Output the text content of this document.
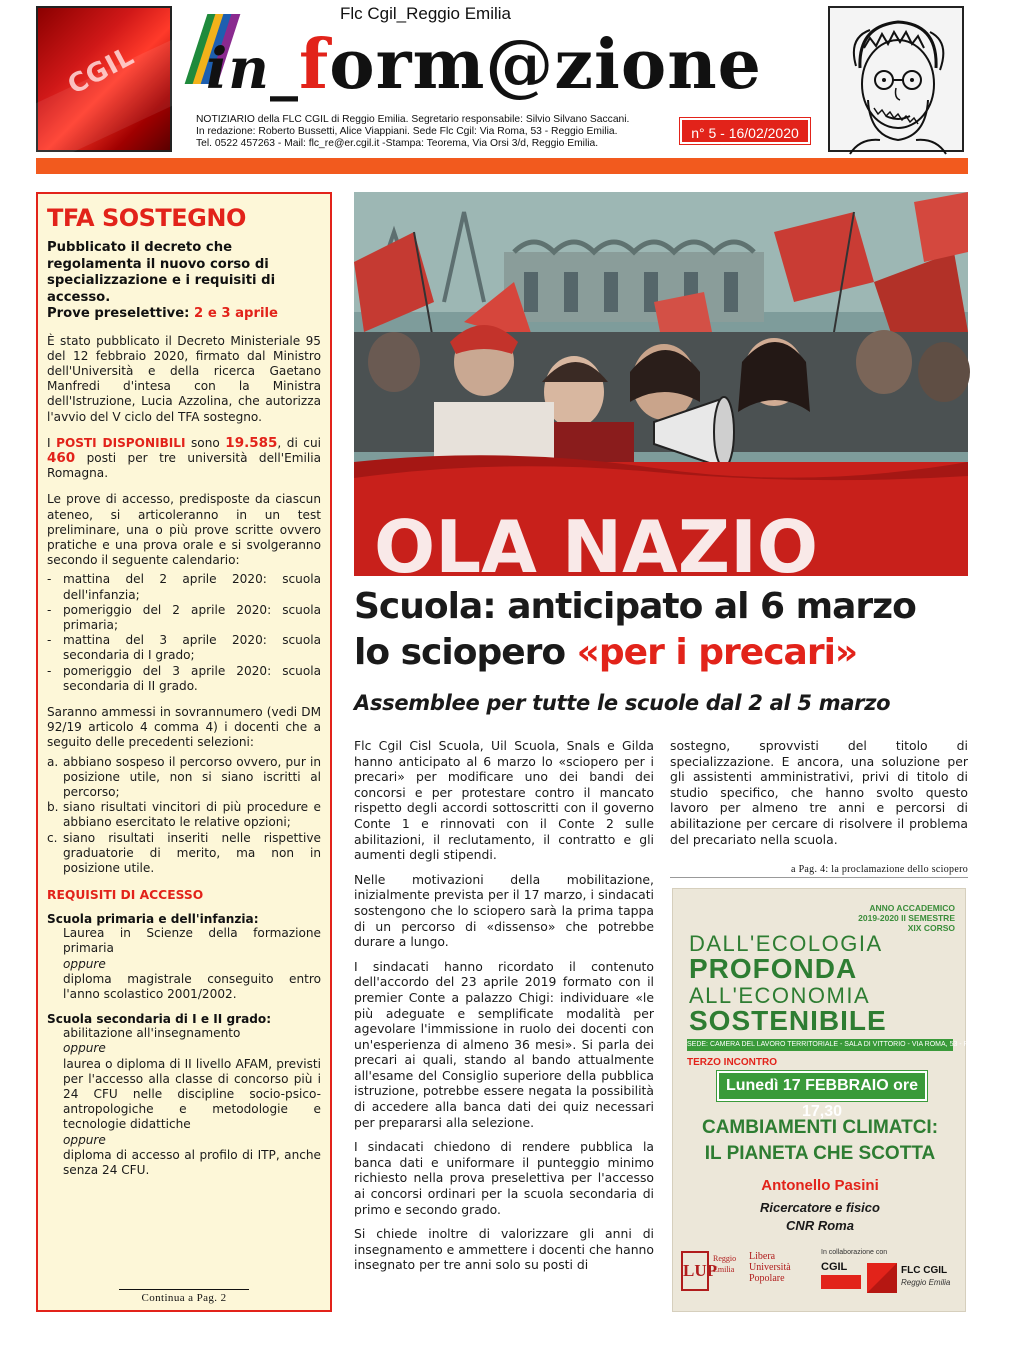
CGIL
Flc Cgil_Reggio Emilia
in_form@zione
NOTIZIARIO della FLC CGIL di Reggio Emilia. Segretario responsabile: Silvio Silvano Saccani.
In redazione: Roberto Bussetti, Alice Viappiani. Sede Flc Cgil: Via Roma, 53 - Reggio Emilia.
Tel. 0522 457263 - Mail: flc_re@er.cgil.it -Stampa: Teorema, Via Orsi 3/d, Reggio Emilia.
n° 5 - 16/02/2020
TFA SOSTEGNO
Pubblicato il decreto che regolamenta il nuovo corso di specializzazione e i requisiti di accesso.
Prove preselettive: 2 e 3 aprile

È stato pubblicato il Decreto Ministeriale 95 del 12 febbraio 2020, firmato dal Ministro dell'Università e della ricerca Gaetano Manfredi d'intesa con la Ministra dell'Istruzione, Lucia Azzolina, che autorizza l'avvio del V ciclo del TFA sostegno.

I POSTI DISPONIBILI sono 19.585, di cui 460 posti per tre università dell'Emilia Romagna.

Le prove di accesso, predisposte da ciascun ateneo, si articoleranno in un test preliminare, una o più prove scritte ovvero pratiche e una prova orale e si svolgeranno secondo il seguente calendario:

- mattina del 2 aprile 2020: scuola dell'infanzia;
- pomeriggio del 2 aprile 2020: scuola primaria;
- mattina del 3 aprile 2020: scuola secondaria di I grado;
- pomeriggio del 3 aprile 2020: scuola secondaria di II grado.

Saranno ammessi in sovrannumero (vedi DM 92/19 articolo 4 comma 4) i docenti che a seguito delle precedenti selezioni:

a. abbiano sospeso il percorso ovvero, pur in posizione utile, non si siano iscritti al percorso;
b. siano risultati vincitori di più procedure e abbiano esercitato le relative opzioni;
c. siano risultati inseriti nelle rispettive graduatorie di merito, ma non in posizione utile.
REQUISITI DI ACCESSO
Scuola primaria e dell'infanzia:
Laurea in Scienze della formazione primaria
oppure
diploma magistrale conseguito entro l'anno scolastico 2001/2002.
Scuola secondaria di I e II grado:
abilitazione all'insegnamento
oppure
laurea o diploma di II livello AFAM, previsti per l'accesso alla classe di concorso più i 24 CFU nelle discipline socio-psico-antropologiche e metodologie e tecnologie didattiche
oppure
diploma di accesso al profilo di ITP, anche senza 24 CFU.
Continua a Pag. 2
OLA NAZIO
Scuola: anticipato al 6 marzo
lo sciopero «per i precari»
Assemblee per tutte le scuole dal 2 al 5 marzo

Flc Cgil Cisl Scuola, Uil Scuola, Snals e Gilda hanno anticipato al 6 marzo lo «sciopero per i precari» per modificare uno dei bandi dei concorsi e per protestare contro il mancato rispetto degli accordi sottoscritti con il governo Conte 1 e rinnovati con il Conte 2 sulle abilitazioni, il reclutamento, il contratto e gli aumenti degli stipendi.

Nelle motivazioni della mobilitazione, inizialmente prevista per il 17 marzo, i sindacati sostengono che lo sciopero sarà la prima tappa di un percorso di «dissenso» che potrebbe durare a lungo.

I sindacati hanno ricordato il contenuto dell'accordo del 23 aprile 2019 formato con il premier Conte a palazzo Chigi: individuare «le più adeguate e semplificate modalità per agevolare l'immissione in ruolo dei docenti con un'esperienza di almeno 36 mesi». Si parla dei precari ai quali, stando al bando attualmente all'esame del Consiglio superiore della pubblica istruzione, potrebbe essere negata la possibilità di accedere alla banca dati dei quiz necessari per prepararsi alla selezione.

I sindacati chiedono di rendere pubblica la banca dati e uniformare il punteggio minimo richiesto nella prova preselettiva per l'accesso ai concorsi ordinari per la scuola secondaria di primo e secondo grado.

Si chiede inoltre di valorizzare gli anni di insegnamento e ammettere i docenti che hanno insegnato per tre anni solo su posti di

sostegno, sprovvisti del titolo di specializzazione. E ancora, una soluzione per gli assistenti amministrativi, privi di titolo di studio specifico, che hanno svolto questo lavoro per almeno tre anni e percorsi di abilitazione per cercare di risolvere il problema del precariato nella scuola.

a Pag. 4: la proclamazione dello sciopero
ANNO ACCADEMICO 2019-2020 II SEMESTRE XIX CORSO
DALL'ECOLOGIA
PROFONDA
ALL'ECONOMIA
SOSTENIBILE
SEDE: CAMERA DEL LAVORO TERRITORIALE - SALA DI VITTORIO - VIA ROMA, 53 - REGGIO EMILIA
TERZO INCONTRO
Lunedì 17 FEBBRAIO ore 17,30
CAMBIAMENTI CLIMATCI:
IL PIANETA CHE SCOTTA
Antonello Pasini
Ricercatore e fisico
CNR Roma
LUP
Reggio Emilia
Libera Università Popolare
In collaborazione con
CGIL	FLC CGIL
Reggio Emilia
